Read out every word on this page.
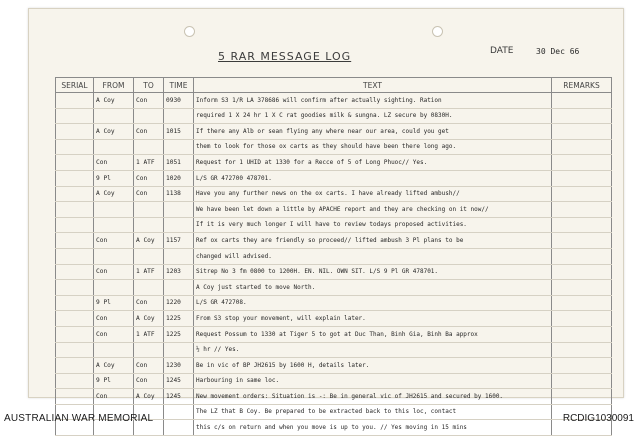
5 RAR MESSAGE LOG	DATE	30 Dec 66
SERIAL	FROM	TO	TIME	TEXT	REMARKS
	A Coy	Con	0930	Inform S3 1/R LA 378686 will confirm after actually sighting. Ration	
				required 1 X 24 hr 1 X C rat goodies milk & sungna. LZ secure by 0830H.	
	A Coy	Con	1015	If there any Alb or sean flying any where near our area, could you get	
				them to look for those ox carts as they should have been there long ago.	
	Con	1 ATF	1051	Request for 1 UHID at 1330 for a Recce of 5 of Long Phuoc// Yes.	
	9 Pl	Con	1020	L/S GR 472700 478701.	
	A Coy	Con	1138	Have you any further news on the ox carts. I have already lifted ambush//	
				We have been let down a little by APACHE report and they are checking on it now//	
				If it is very much longer I will have to review todays proposed activities.	
	Con	A Coy	1157	Ref ox carts they are friendly so proceed// lifted ambush 3 Pl plans to be	
				changed will advised.	
	Con	1 ATF	1203	Sitrep No 3 fm 0800 to 1200H. EN. NIL. OWN SIT. L/S 9 Pl GR 478701.	
				A Coy just started to move North.	
	9 Pl	Con	1220	L/S GR 472708.	
	Con	A Coy	1225	From S3 stop your movement, will explain later.	
	Con	1 ATF	1225	Request Possum to 1330 at Tiger 5 to got at Duc Than, Binh Gia, Binh Ba approx	
				½ hr // Yes.	
	A Coy	Con	1230	Be in vic of BP JH2615 by 1600 H, details later.	
	9 Pl	Con	1245	Harbouring in same loc.	
	Con	A Coy	1245	New movement orders: Situation is -: Be in general vic of JH2615 and secured by 1600.	
				The LZ that B Coy. Be prepared to be extracted back to this loc, contact	
				this c/s on return and when you move is up to you. // Yes moving in 15 mins	
AUSTRALIAN WAR MEMORIAL	RCDIG1030091
